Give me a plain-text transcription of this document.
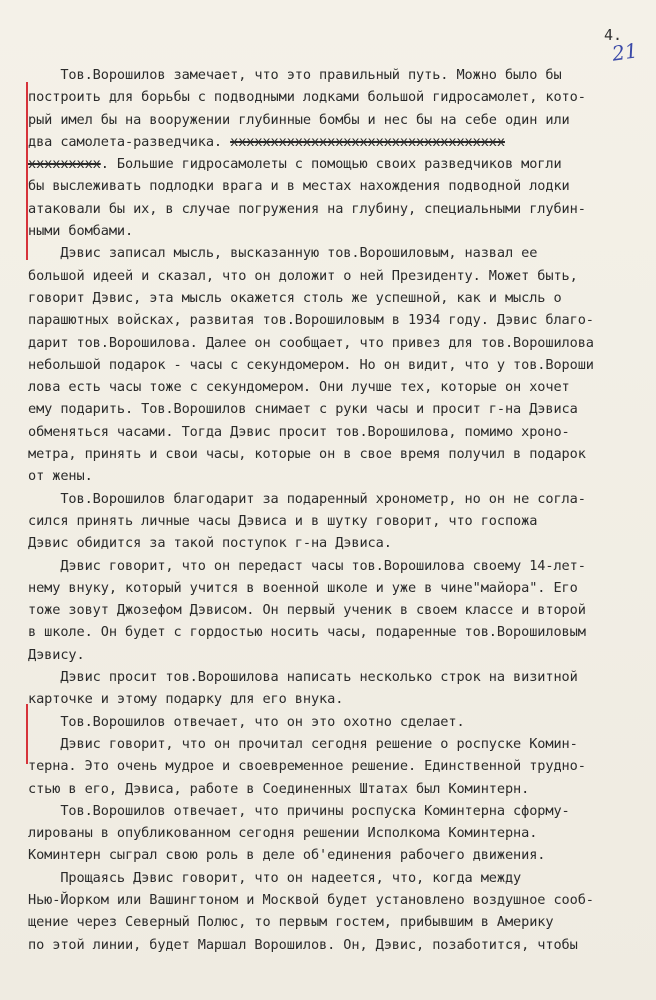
4.
21
Тов.Ворошилов замечает, что это правильный путь. Можно было бы
построить для борьбы с подводными лодками большой гидросамолет, кото-
рый имел бы на вооружении глубинные бомбы и нес бы на себе один или
два самолета-разведчика. xxxxxxxxxxxxxxxxxxxxxxxxxxxxxxxxxx
xxxxxxxxx. Большие гидросамолеты с помощью своих разведчиков могли
бы выслеживать подлодки врага и в местах нахождения подводной лодки
атаковали бы их, в случае погружения на глубину, специальными глубин-
ными бомбами.
Дэвис записал мысль, высказанную тов.Ворошиловым, назвал ее
большой идеей и сказал, что он доложит о ней Президенту. Может быть,
говорит Дэвис, эта мысль окажется столь же успешной, как и мысль о
парашютных войсках, развитая тов.Ворошиловым в 1934 году. Дэвис благо-
дарит тов.Ворошилова. Далее он сообщает, что привез для тов.Ворошилова
небольшой подарок - часы с секундомером. Но он видит, что у тов.Вороши
лова есть часы тоже с секундомером. Они лучше тех, которые он хочет
ему подарить. Тов.Ворошилов снимает с руки часы и просит г-на Дэвиса
обменяться часами. Тогда Дэвис просит тов.Ворошилова, помимо хроно-
метра, принять и свои часы, которые он в свое время получил в подарок
от жены.
Тов.Ворошилов благодарит за подаренный хронометр, но он не согла-
сился принять личные часы Дэвиса и в шутку говорит, что госпожа
Дэвис обидится за такой поступок г-на Дэвиса.
Дэвис говорит, что он передаст часы тов.Ворошилова своему 14-лет-
нему внуку, который учится в военной школе и уже в чине"майора". Его
тоже зовут Джозефом Дэвисом. Он первый ученик в своем классе и второй
в школе. Он будет с гордостью носить часы, подаренные тов.Ворошиловым
Дэвису.
Дэвис просит тов.Ворошилова написать несколько строк на визитной
карточке и этому подарку для его внука.
Тов.Ворошилов отвечает, что он это охотно сделает.
Дэвис говорит, что он прочитал сегодня решение о роспуске Комин-
терна. Это очень мудрое и своевременное решение. Единственной трудно-
стью в его, Дэвиса, работе в Соединенных Штатах был Коминтерн.
Тов.Ворошилов отвечает, что причины роспуска Коминтерна сформу-
лированы в опубликованном сегодня решении Исполкома Коминтерна.
Коминтерн сыграл свою роль в деле об'единения рабочего движения.
Прощаясь Дэвис говорит, что он надеется, что, когда между
Нью-Йорком или Вашингтоном и Москвой будет установлено воздушное сооб-
щение через Северный Полюс, то первым гостем, прибывшим в Америку
по этой линии, будет Маршал Ворошилов. Он, Дэвис, позаботится, чтобы
